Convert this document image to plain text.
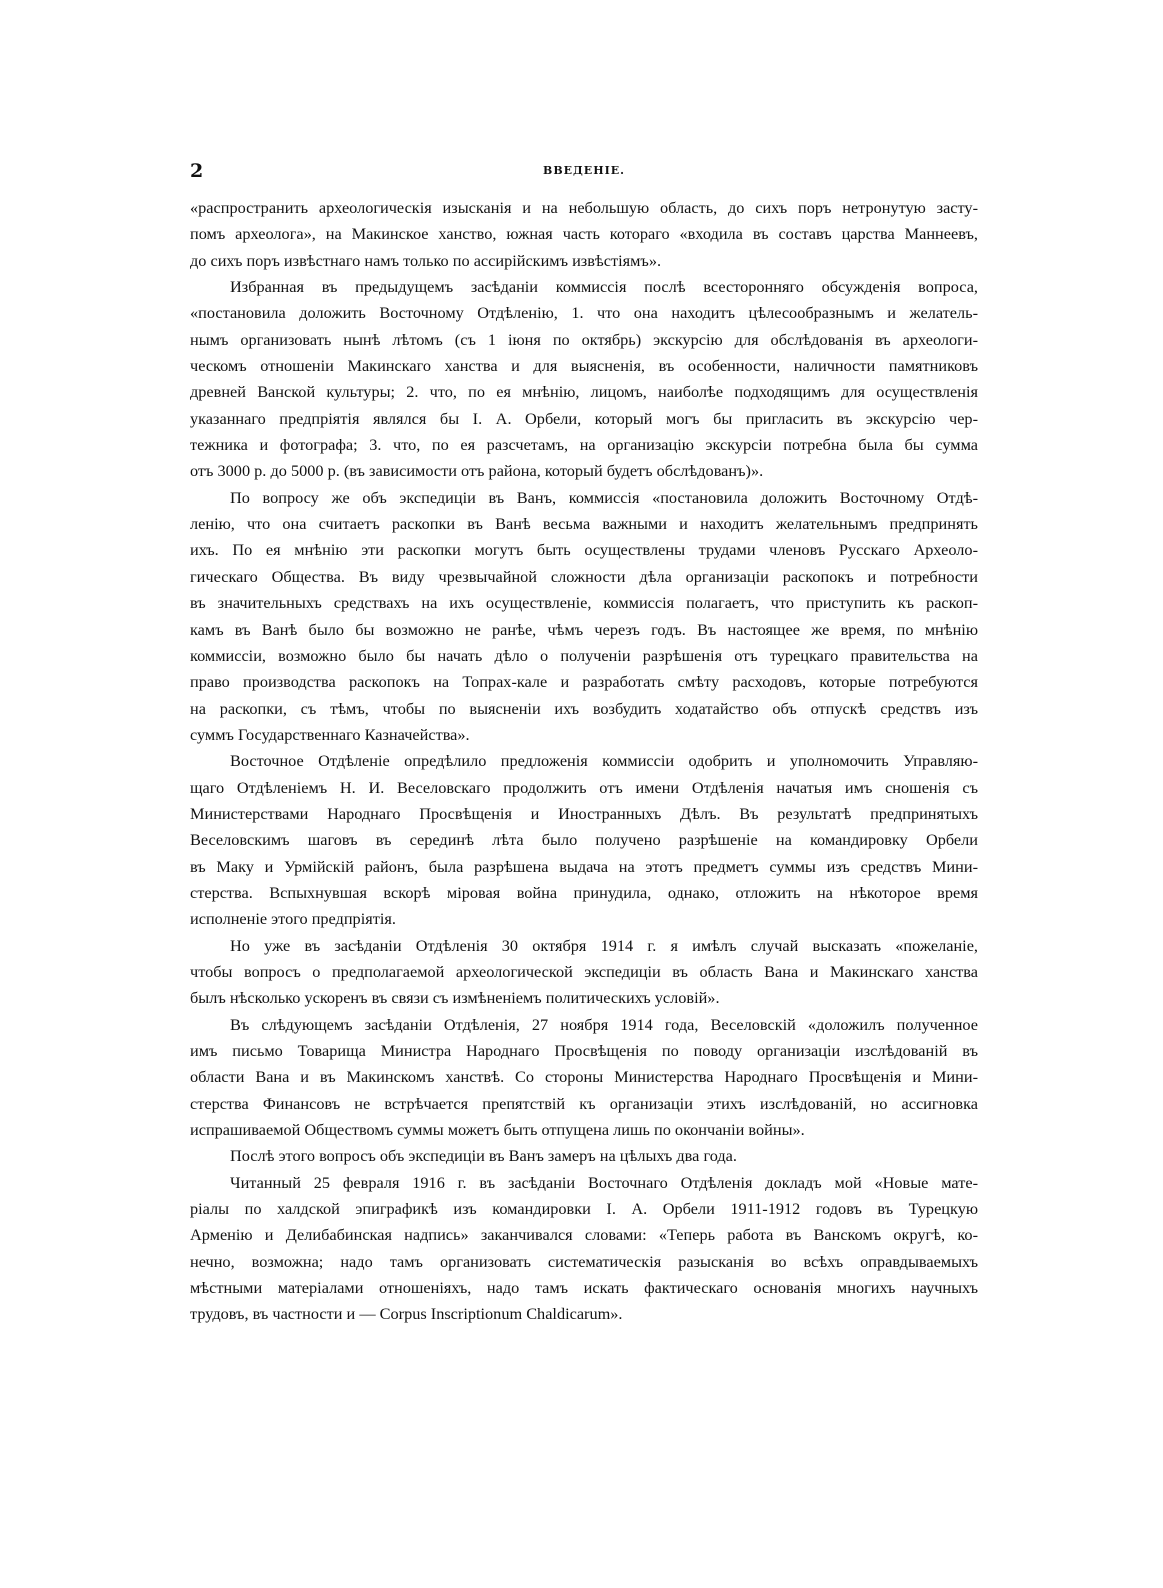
2	ВВЕДЕНІЕ.
«распространить археологическія изысканія и на небольшую область, до сихъ поръ нетронутую засту-
помъ археолога», на Макинское ханство, южная часть котораго «входила въ составъ царства Маннеевъ,
до сихъ поръ извѣстнаго намъ только по ассирійскимъ извѣстіямъ».
Избранная въ предыдущемъ засѣданіи коммиссія послѣ всесторонняго обсужденія вопроса,
«постановила доложить Восточному Отдѣленію, 1. что она находитъ цѣлесообразнымъ и желатель-
нымъ организовать нынѣ лѣтомъ (съ 1 іюня по октябрь) экскурсію для обслѣдованія въ археологи-
ческомъ отношеніи Макинскаго ханства и для выясненія, въ особенности, наличности памятниковъ
древней Ванской культуры; 2. что, по ея мнѣнію, лицомъ, наиболѣе подходящимъ для осуществленія
указаннаго предпріятія являлся бы I. А. Орбели, который могъ бы пригласить въ экскурсію чер-
тежника и фотографа; 3. что, по ея разсчетамъ, на организацію экскурсіи потребна была бы сумма
отъ 3000 р. до 5000 р. (въ зависимости отъ района, который будетъ обслѣдованъ)».
По вопросу же объ экспедиціи въ Ванъ, коммиссія «постановила доложить Восточному Отдѣ-
ленію, что она считаетъ раскопки въ Ванѣ весьма важными и находитъ желательнымъ предпринять
ихъ. По ея мнѣнію эти раскопки могутъ быть осуществлены трудами членовъ Русскаго Археоло-
гическаго Общества. Въ виду чрезвычайной сложности дѣла организаціи раскопокъ и потребности
въ значительныхъ средствахъ на ихъ осуществленіе, коммиссія полагаетъ, что приступить къ раскоп-
камъ въ Ванѣ было бы возможно не ранѣе, чѣмъ черезъ годъ. Въ настоящее же время, по мнѣнію
коммиссіи, возможно было бы начать дѣло о полученіи разрѣшенія отъ турецкаго правительства на
право производства раскопокъ на Топрах-кале и разработать смѣту расходовъ, которые потребуются
на раскопки, съ тѣмъ, чтобы по выясненіи ихъ возбудить ходатайство объ отпускѣ средствъ изъ
суммъ Государственнаго Казначейства».
Восточное Отдѣленіе опредѣлило предложенія коммиссіи одобрить и уполномочить Управляю-
щаго Отдѣленіемъ Н. И. Веселовскаго продолжить отъ имени Отдѣленія начатыя имъ сношенія съ
Министерствами Народнаго Просвѣщенія и Иностранныхъ Дѣлъ. Въ результатѣ предпринятыхъ
Веселовскимъ шаговъ въ серединѣ лѣта было получено разрѣшеніе на командировку Орбели
въ Маку и Урмійскій районъ, была разрѣшена выдача на этотъ предметъ суммы изъ средствъ Мини-
стерства. Вспыхнувшая вскорѣ міровая война принудила, однако, отложить на нѣкоторое время
исполненіе этого предпріятія.
Но уже въ засѣданіи Отдѣленія 30 октября 1914 г. я имѣлъ случай высказать «пожеланіе,
чтобы вопросъ о предполагаемой археологической экспедиціи въ область Вана и Макинскаго ханства
былъ нѣсколько ускоренъ въ связи съ измѣненіемъ политическихъ условій».
Въ слѣдующемъ засѣданіи Отдѣленія, 27 ноября 1914 года, Веселовскій «доложилъ полученное
имъ письмо Товарища Министра Народнаго Просвѣщенія по поводу организаціи изслѣдованій въ
области Вана и въ Макинскомъ ханствѣ. Со стороны Министерства Народнаго Просвѣщенія и Мини-
стерства Финансовъ не встрѣчается препятствій къ организаціи этихъ изслѣдованій, но ассигновка
испрашиваемой Обществомъ суммы можетъ быть отпущена лишь по окончаніи войны».
Послѣ этого вопросъ объ экспедиціи въ Ванъ замеръ на цѣлыхъ два года.
Читанный 25 февраля 1916 г. въ засѣданіи Восточнаго Отдѣленія докладъ мой «Новые мате-
ріалы по халдской эпиграфикѣ изъ командировки I. А. Орбели 1911-1912 годовъ въ Турецкую
Арменію и Делибабинская надпись» заканчивался словами: «Теперь работа въ Ванскомъ округѣ, ко-
нечно, возможна; надо тамъ организовать систематическія разысканія во всѣхъ оправдываемыхъ
мѣстными матеріалами отношеніяхъ, надо тамъ искать фактическаго основанія многихъ научныхъ
трудовъ, въ частности и — Corpus Inscriptionum Chaldicarum».
